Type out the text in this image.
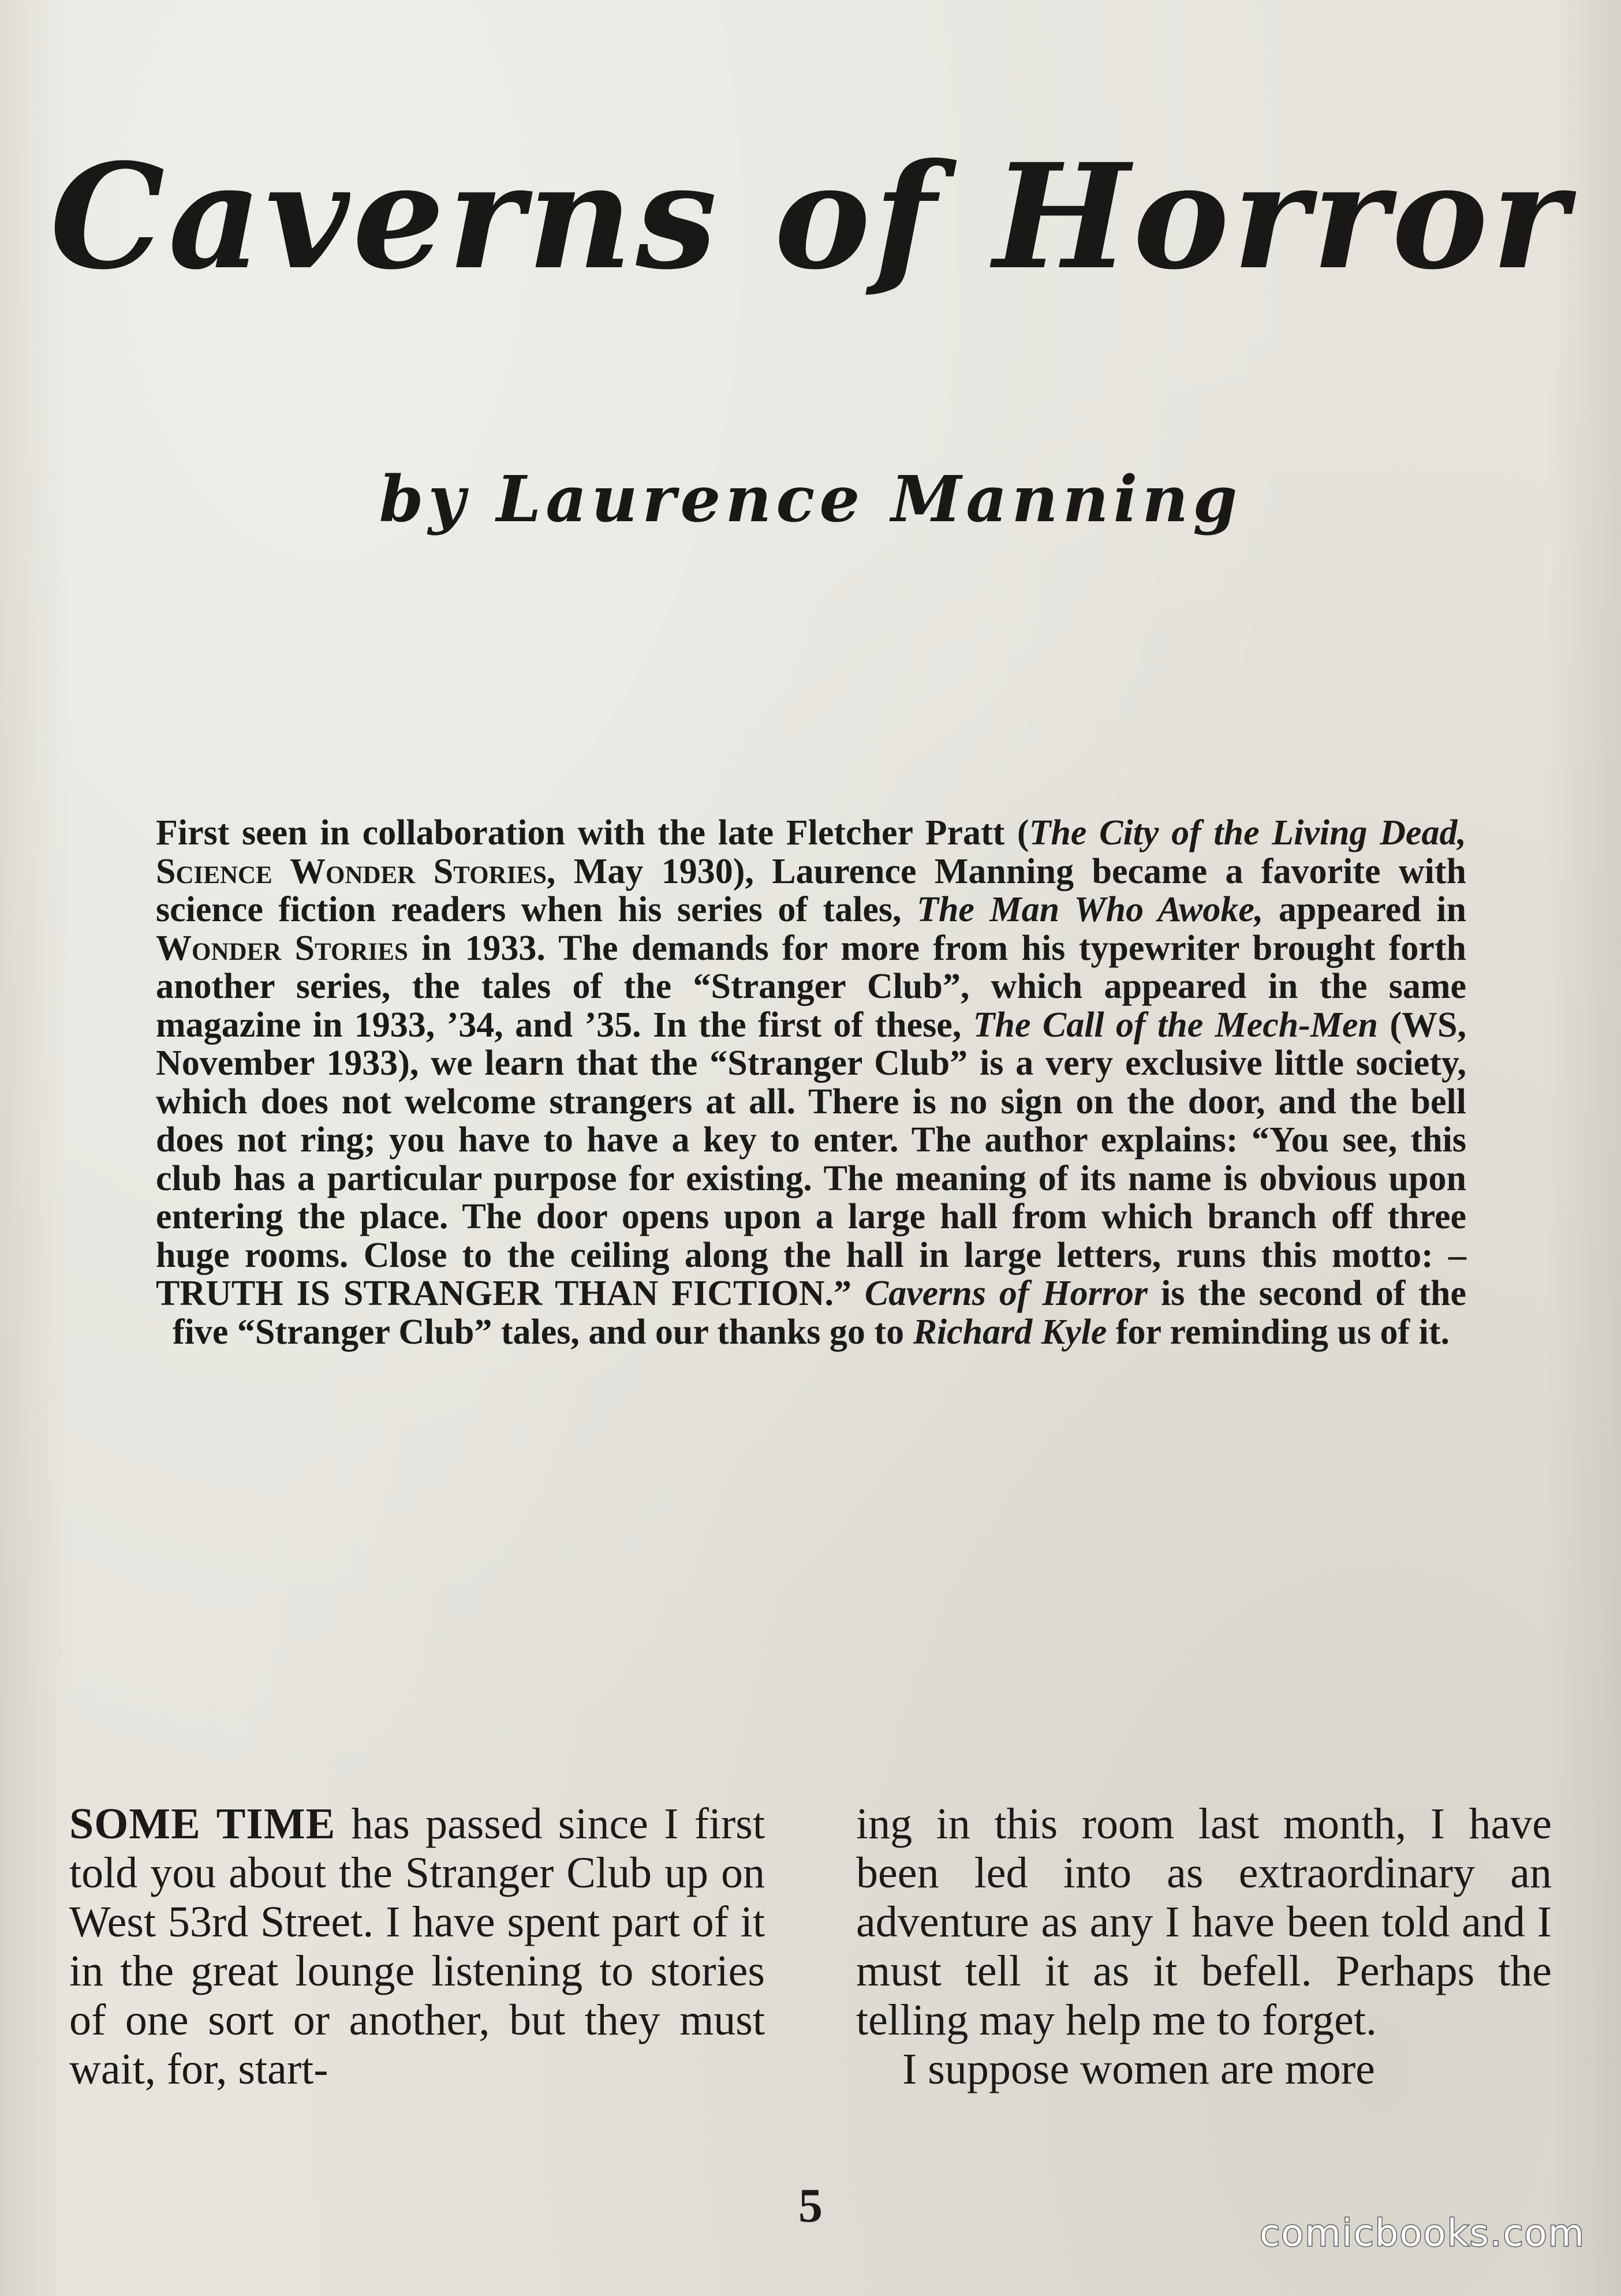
Caverns of Horror
by Laurence Manning

First seen in collaboration with the late Fletcher Pratt (The City of the Living Dead, Science Wonder Stories, May 1930), Laurence Manning became a favorite with science fiction readers when his series of tales, The Man Who Awoke, appeared in Wonder Stories in 1933. The demands for more from his typewriter brought forth another series, the tales of the “Stranger Club”, which appeared in the same magazine in 1933, ’34, and ’35. In the first of these, The Call of the Mech-Men (WS, November 1933), we learn that the “Stranger Club” is a very exclusive little society, which does not welcome strangers at all. There is no sign on the door, and the bell does not ring; you have to have a key to enter. The author explains: “You see, this club has a particular purpose for existing. The meaning of its name is obvious upon entering the place. The door opens upon a large hall from which branch off three huge rooms. Close to the ceiling along the hall in large letters, runs this motto: – TRUTH IS STRANGER THAN FICTION.” Caverns of Horror is the second of the five “Stranger Club” tales, and our thanks go to Richard Kyle for reminding us of it.

SOME TIME has passed since I first told you about the Stranger Club up on West 53rd Street. I have spent part of it in the great lounge listening to stories of one sort or another, but they must wait, for, start-

ing in this room last month, I have been led into as extraordinary an adventure as any I have been told and I must tell it as it befell. Perhaps the telling may help me to forget.

I suppose women are more

5
comicbooks.com
